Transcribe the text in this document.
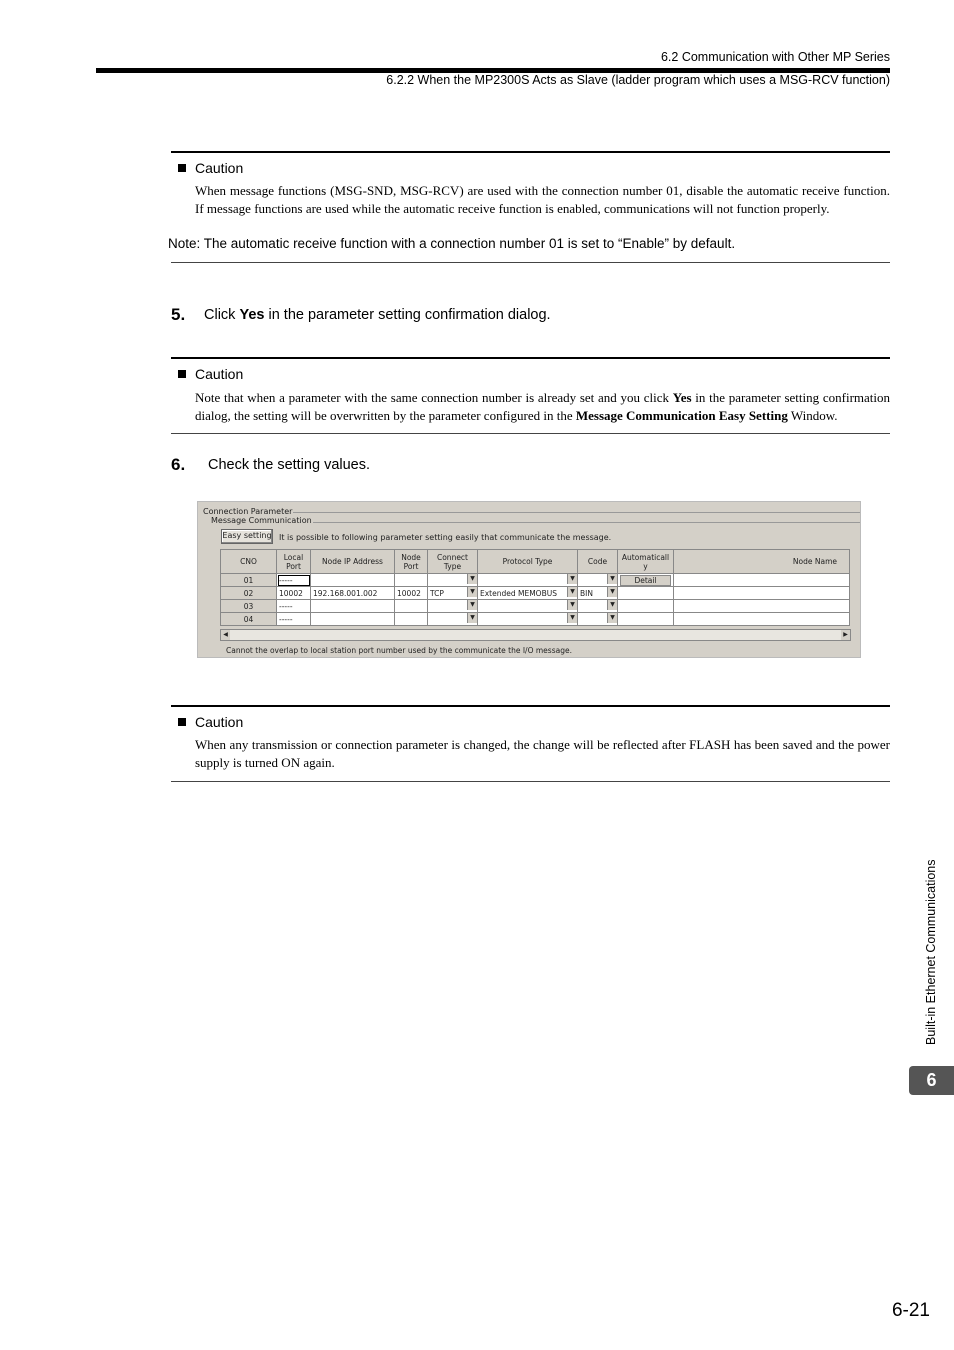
6.2 Communication with Other MP Series
6.2.2 When the MP2300S Acts as Slave (ladder program which uses a MSG-RCV function)
Caution
When message functions (MSG-SND, MSG-RCV) are used with the connection number 01, disable the automatic receive function. If message functions are used while the automatic receive function is enabled, communications will not function properly.
Note: The automatic receive function with a connection number 01 is set to “Enable” by default.
5. Click Yes in the parameter setting confirmation dialog.
Caution
Note that when a parameter with the same connection number is already set and you click Yes in the parameter setting confirmation dialog, the setting will be overwritten by the parameter configured in the Message Communication Easy Setting Window.
6. Check the setting values.
Connection Parameter
Message Communication
Easy setting It is possible to following parameter setting easily that communicate the message.
CNO	Local Port	Node IP Address	Node Port	Connect Type	Protocol Type	Code	Automaticall y	Node Name
01	-----			▼	▼	▼	Detail	

02	10002	192.168.001.002	10002	TCP ▼	Extended MEMOBUS ▼	BIN ▼		

03	-----			▼	▼	▼		

04	-----			▼	▼	▼		

◀	▶
Cannot the overlap to local station port number used by the communicate the I/O message.
Caution
When any transmission or connection parameter is changed, the change will be reflected after FLASH has been saved and the power supply is turned ON again.
Built-in Ethernet Communications
6
6-21
